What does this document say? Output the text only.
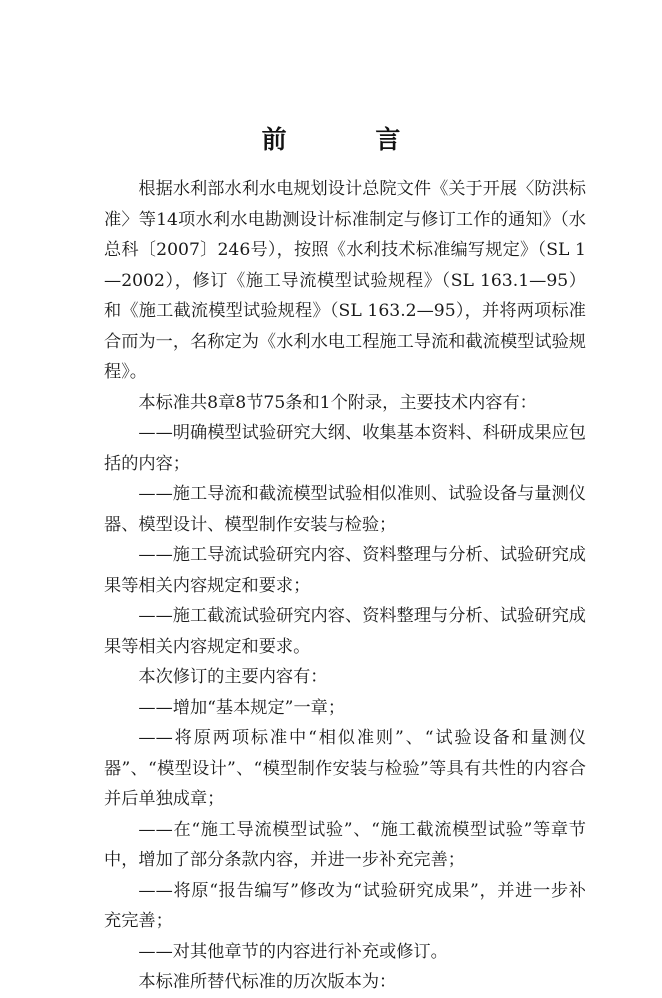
前 言

根据水利部水利水电规划设计总院文件《关于开展〈防洪标准〉等14项水利水电勘测设计标准制定与修订工作的通知》（水总科〔2007〕246号），按照《水利技术标准编写规定》（SL 1—2002），修订《施工导流模型试验规程》（SL 163.1—95）和《施工截流模型试验规程》（SL 163.2—95），并将两项标准合而为一，名称定为《水利水电工程施工导流和截流模型试验规程》。

本标准共8章8节75条和1个附录，主要技术内容有：

——明确模型试验研究大纲、收集基本资料、科研成果应包括的内容；

——施工导流和截流模型试验相似准则、试验设备与量测仪器、模型设计、模型制作安装与检验；

——施工导流试验研究内容、资料整理与分析、试验研究成果等相关内容规定和要求；

——施工截流试验研究内容、资料整理与分析、试验研究成果等相关内容规定和要求。

本次修订的主要内容有：

——增加“基本规定”一章；

——将原两项标准中“相似准则”、“试验设备和量测仪器”、“模型设计”、“模型制作安装与检验”等具有共性的内容合并后单独成章；

——在“施工导流模型试验”、“施工截流模型试验”等章节中，增加了部分条款内容，并进一步补充完善；

——将原“报告编写”修改为“试验研究成果”，并进一步补充完善；

——对其他章节的内容进行补充或修订。

本标准所替代标准的历次版本为：
